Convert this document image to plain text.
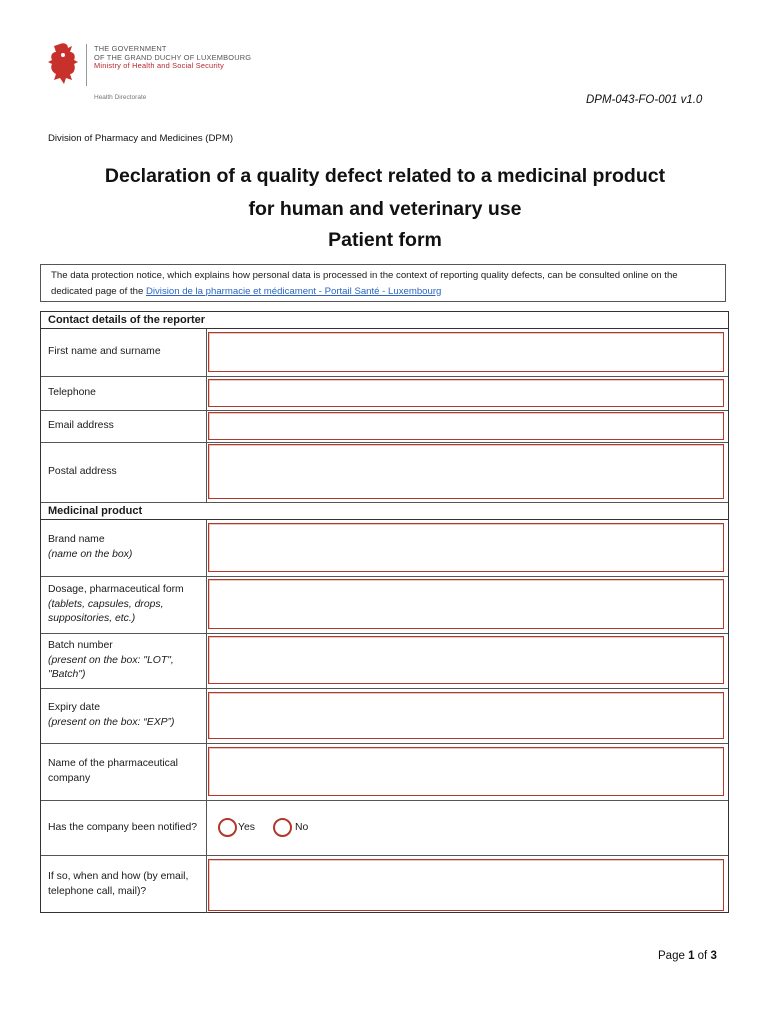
THE GOVERNMENT
OF THE GRAND DUCHY OF LUXEMBOURG
Ministry of Health and Social Security
Health Directorate	DPM-043-FO-001 v1.0
Division of Pharmacy and Medicines (DPM)
Declaration of a quality defect related to a medicinal product
for human and veterinary use
Patient form
The data protection notice, which explains how personal data is processed in the context of reporting quality defects, can be consulted online on the dedicated page of the Division de la pharmacie et médicament - Portail Santé - Luxembourg
Contact details of the reporter
First name and surname
Telephone
Email address
Postal address
Medicinal product
Brand name
(name on the box)
Dosage, pharmaceutical form (tablets, capsules, drops, suppositories, etc.)
Batch number
(present on the box: "LOT", "Batch")
Expiry date
(present on the box: “EXP”)
Name of the pharmaceutical company
Has the company been notified?	Yes	No
If so, when and how (by email, telephone call, mail)?
Page 1 of 3
